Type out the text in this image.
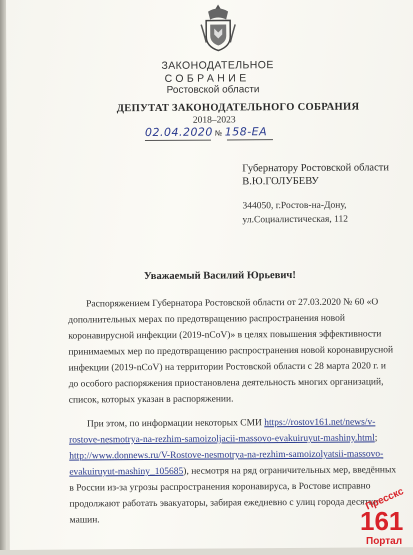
ЗАКОНОДАТЕЛЬНОЕ
СОБРАНИЕ
Ростовской области
ДЕПУТАТ ЗАКОНОДАТЕЛЬНОГО СОБРАНИЯ
2018–2023
02.04.2020 № 158-ЕА
Губернатору Ростовской области
В.Ю.ГОЛУБЕВУ
344050, г.Ростов-на-Дону,
ул.Социалистическая, 112
Уважаемый Василий Юрьевич!
Распоряжением Губернатора Ростовской области от 27.03.2020 № 60 «О
дополнительных мерах по предотвращению распространения новой
коронавирусной инфекции (2019-nCoV)» в целях повышения эффективности
принимаемых мер по предотвращению распространения новой коронавирусной
инфекции (2019-nCoV) на территории Ростовской области с 28 марта 2020 г. и
до особого распоряжения приостановлена деятельность многих организаций,
список, которых указан в распоряжении.
При этом, по информации некоторых СМИ https://rostov161.net/news/v-
rostove-nesmotrya-na-rezhim-samoizoljacii-massovo-evakuiruyut-mashiny.html;
http://www.donnews.ru/V-Rostove-nesmotrya-na-rezhim-samoizolyatsii-massovo-
evakuiruyut-mashiny_105685), несмотря на ряд ограничительных мер, введённых
в России из-за угрозы распространения коронавируса, в Ростове исправно
продолжают работать эвакуаторы, забирая ежедневно с улиц города десятки
машин.
Пресскс
161
Портал
